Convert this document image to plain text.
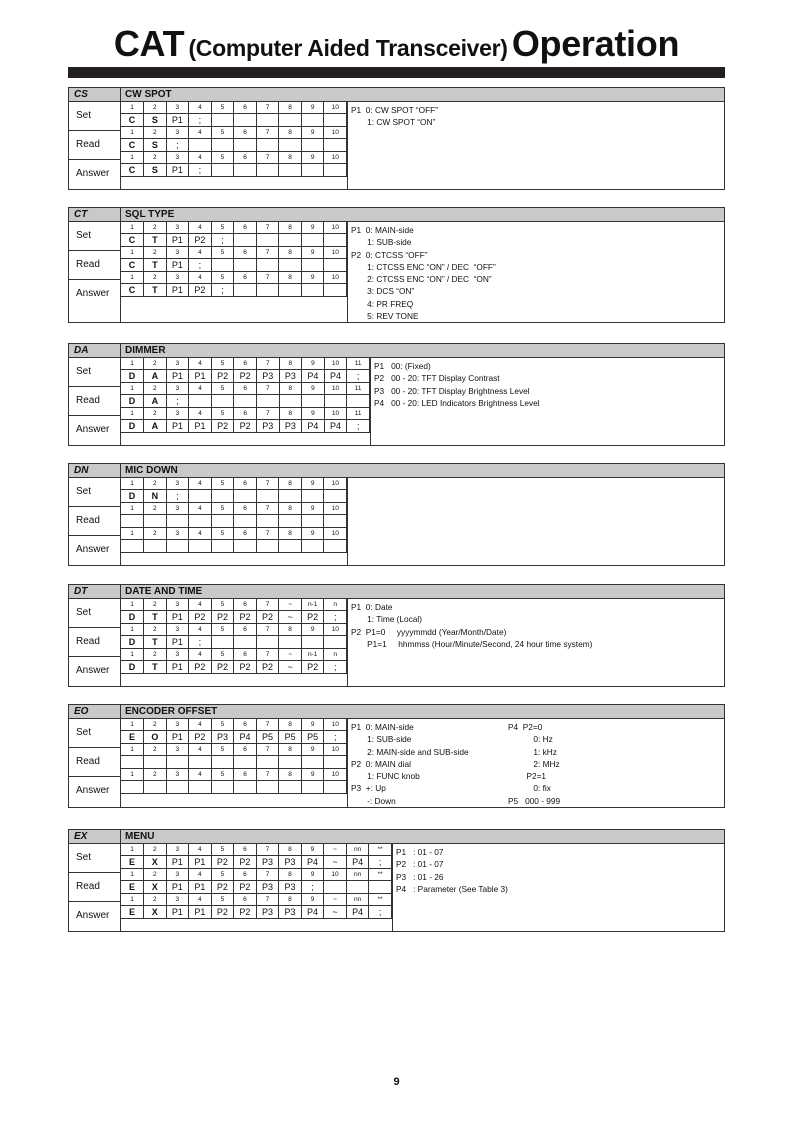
CAT (Computer Aided Transceiver) Operation
CS	CW SPOT
Set
Read
Answer
1	2	3	4	5	6	7	8	9	10
C	S	P1	;						
1	2	3	4	5	6	7	8	9	10
C	S	;							
1	2	3	4	5	6	7	8	9	10
C	S	P1	;						
P1  0: CW SPOT “OFF”
1: CW SPOT “ON”
CT	SQL TYPE
Set
Read
Answer
1	2	3	4	5	6	7	8	9	10
C	T	P1	P2	;					
1	2	3	4	5	6	7	8	9	10
C	T	P1	;						
1	2	3	4	5	6	7	8	9	10
C	T	P1	P2	;					
P1  0: MAIN-side
1: SUB-side
P2  0: CTCSS “OFF”
1: CTCSS ENC “ON” / DEC  “OFF”
2: CTCSS ENC “ON” / DEC  “ON”
3: DCS “ON”
4: PR FREQ
5: REV TONE
DA	DIMMER
Set
Read
Answer
1	2	3	4	5	6	7	8	9	10	11
D	A	P1	P1	P2	P2	P3	P3	P4	P4	;
1	2	3	4	5	6	7	8	9	10	11
D	A	;								
1	2	3	4	5	6	7	8	9	10	11
D	A	P1	P1	P2	P2	P3	P3	P4	P4	;
P1   00: (Fixed)
P2   00 - 20: TFT Display Contrast
P3   00 - 20: TFT Display Brightness Level
P4   00 - 20: LED Indicators Brightness Level
DN	MIC DOWN
Set
Read
Answer
1	2	3	4	5	6	7	8	9	10
D	N	;							
1	2	3	4	5	6	7	8	9	10

1	2	3	4	5	6	7	8	9	10

DT	DATE AND TIME
Set
Read
Answer
1	2	3	4	5	6	7	~	n-1	n
D	T	P1	P2	P2	P2	P2	~	P2	;
1	2	3	4	5	6	7	8	9	10
D	T	P1	;						
1	2	3	4	5	6	7	~	n-1	n
D	T	P1	P2	P2	P2	P2	~	P2	;
P1  0: Date
1: Time (Local)
P2  P1=0     yyyymmdd (Year/Month/Date)
P1=1     hhmmss (Hour/Minute/Second, 24 hour time system)
EO	ENCODER OFFSET
Set
Read
Answer
1	2	3	4	5	6	7	8	9	10
E	O	P1	P2	P3	P4	P5	P5	P5	;
1	2	3	4	5	6	7	8	9	10

1	2	3	4	5	6	7	8	9	10

P1  0: MAIN-side
1: SUB-side
2: MAIN-side and SUB-side
P2  0: MAIN dial
1: FUNC knob
P3  +: Up
-: Down
P4  P2=0
0: Hz
1: kHz
2: MHz
P2=1
0: fix
P5   000 - 999
EX	MENU
Set
Read
Answer
1	2	3	4	5	6	7	8	9	~	nn	**
E	X	P1	P1	P2	P2	P3	P3	P4	~	P4	;
1	2	3	4	5	6	7	8	9	10	nn	**
E	X	P1	P1	P2	P2	P3	P3	;			
1	2	3	4	5	6	7	8	9	~	nn	**
E	X	P1	P1	P2	P2	P3	P3	P4	~	P4	;
P1   : 01 - 07
P2   : 01 - 07
P3   : 01 - 26
P4   : Parameter (See Table 3)
9
